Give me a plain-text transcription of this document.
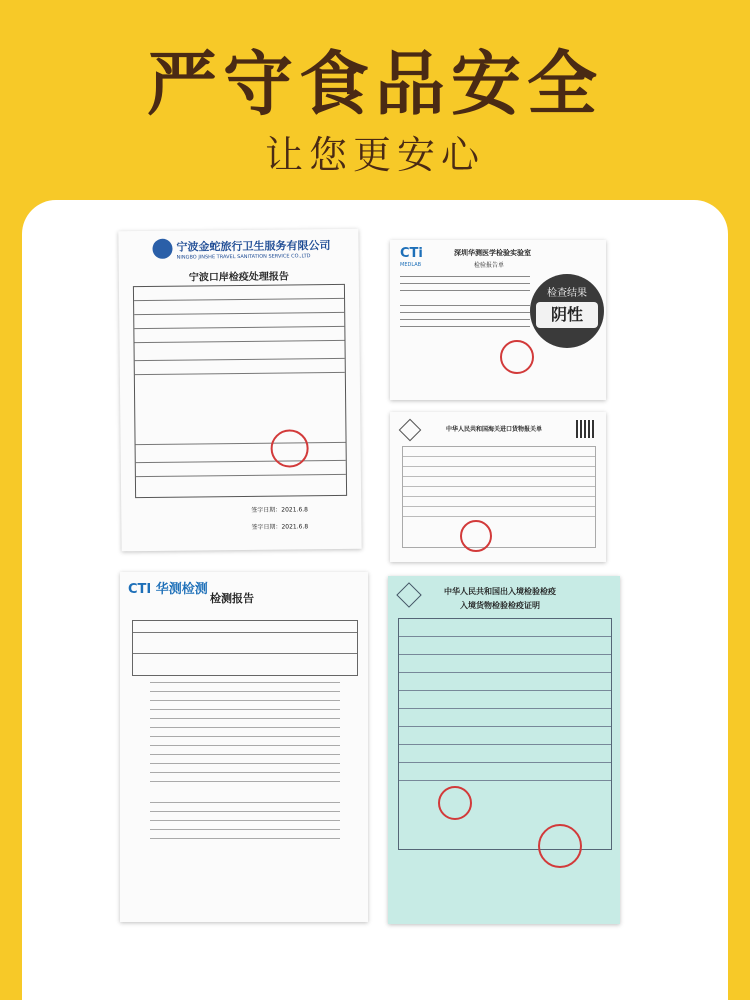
严守食品安全
让您更安心
宁波金蛇旅行卫生服务有限公司
NINGBO JINSHE TRAVEL SANITATION SERVICE CO.,LTD
宁波口岸检疫处理报告
签字日期：2021.6.8
签字日期：2021.6.8
CTi
MEDLAB
深圳华测医学检验实验室
检验报告单
检查结果
阴性
中华人民共和国海关进口货物报关单
CTI 华测检测
检测报告
中华人民共和国出入境检验检疫
入境货物检验检疫证明
